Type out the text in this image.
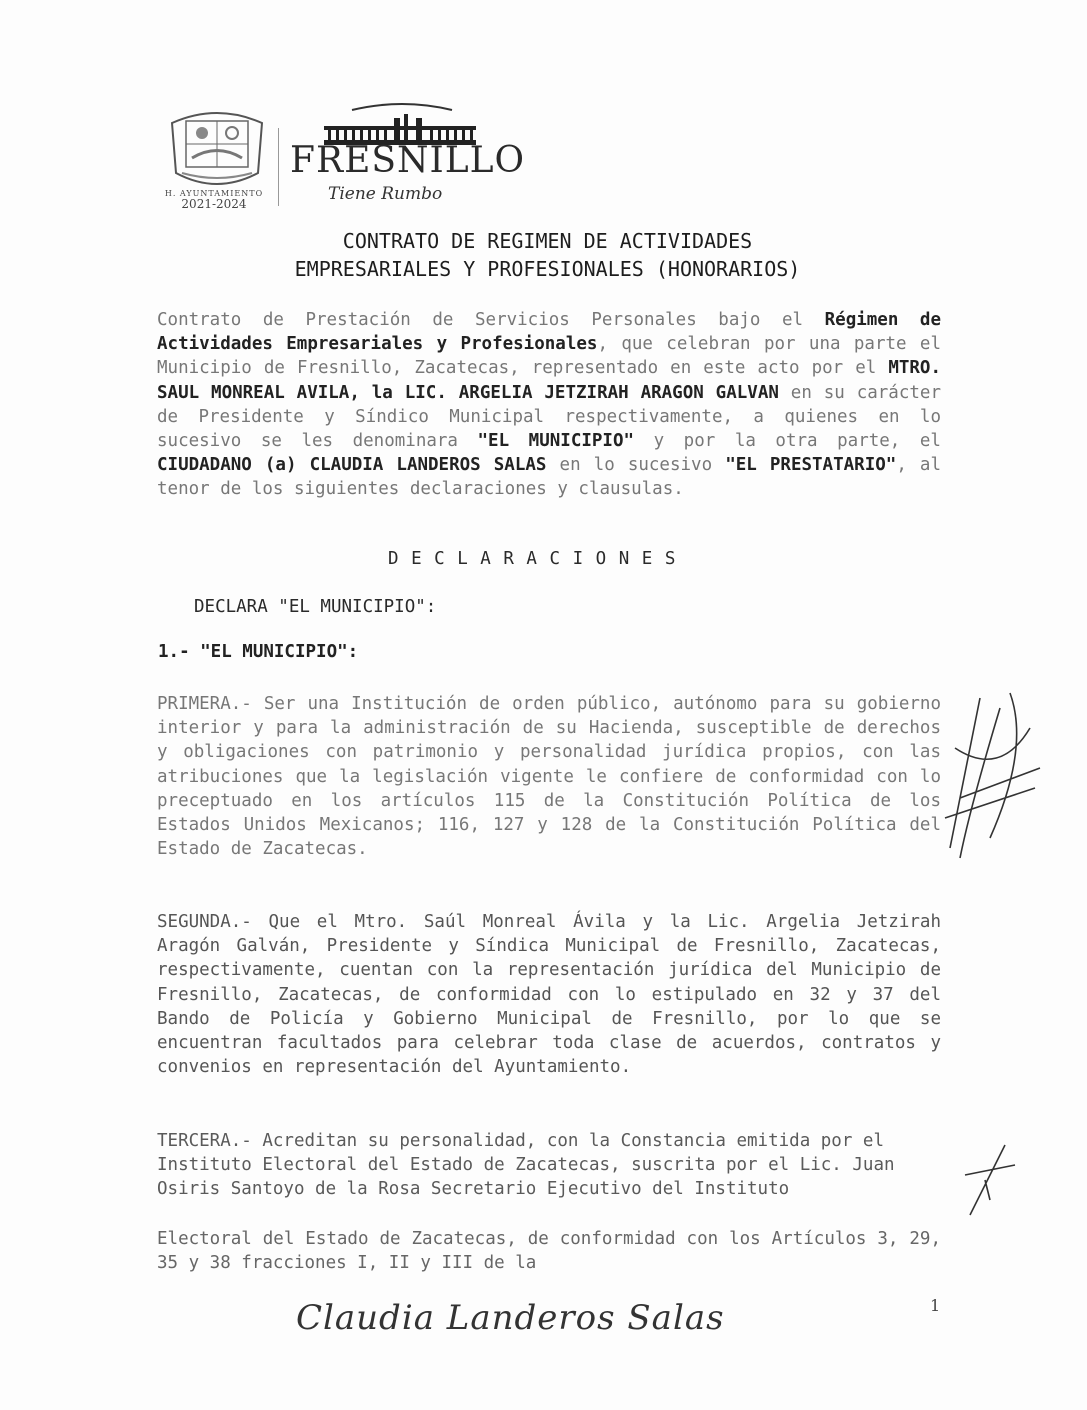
H. AYUNTAMIENTO
2021-2024
FRESNILLO
Tiene Rumbo
CONTRATO DE REGIMEN DE ACTIVIDADES
EMPRESARIALES Y PROFESIONALES (HONORARIOS)
Contrato de Prestación de Servicios Personales bajo el Régimen de Actividades Empresariales y Profesionales, que celebran por una parte el Municipio de Fresnillo, Zacatecas, representado en este acto por el MTRO. SAUL MONREAL AVILA, la LIC. ARGELIA JETZIRAH ARAGON GALVAN en su carácter de Presidente y Síndico Municipal respectivamente, a quienes en lo sucesivo se les denominara "EL MUNICIPIO" y por la otra parte, el CIUDADANO (a) CLAUDIA LANDEROS SALAS en lo sucesivo "EL PRESTATARIO", al tenor de los siguientes declaraciones y clausulas.
D E C L A R A C I O N E S
DECLARA "EL MUNICIPIO":
1.- "EL MUNICIPIO":
PRIMERA.- Ser una Institución de orden público, autónomo para su gobierno interior y para la administración de su Hacienda, susceptible de derechos y obligaciones con patrimonio y personalidad jurídica propios, con las atribuciones que la legislación vigente le confiere de conformidad con lo preceptuado en los artículos 115 de la Constitución Política de los Estados Unidos Mexicanos; 116, 127 y 128 de la Constitución Política del Estado de Zacatecas.
SEGUNDA.- Que el Mtro. Saúl Monreal Ávila y la Lic. Argelia Jetzirah Aragón Galván, Presidente y Síndica Municipal de Fresnillo, Zacatecas, respectivamente, cuentan con la representación jurídica del Municipio de Fresnillo, Zacatecas, de conformidad con lo estipulado en 32 y 37 del Bando de Policía y Gobierno Municipal de Fresnillo, por lo que se encuentran facultados para celebrar toda clase de acuerdos, contratos y convenios en representación del Ayuntamiento.
TERCERA.- Acreditan su personalidad, con la Constancia emitida por el Instituto Electoral del Estado de Zacatecas, suscrita por el Lic. Juan Osiris Santoyo de la Rosa Secretario Ejecutivo del Instituto
Electoral del Estado de Zacatecas, de conformidad con los Artículos 3, 29, 35 y 38 fracciones I, II y III de la
Claudia Landeros Salas	1
